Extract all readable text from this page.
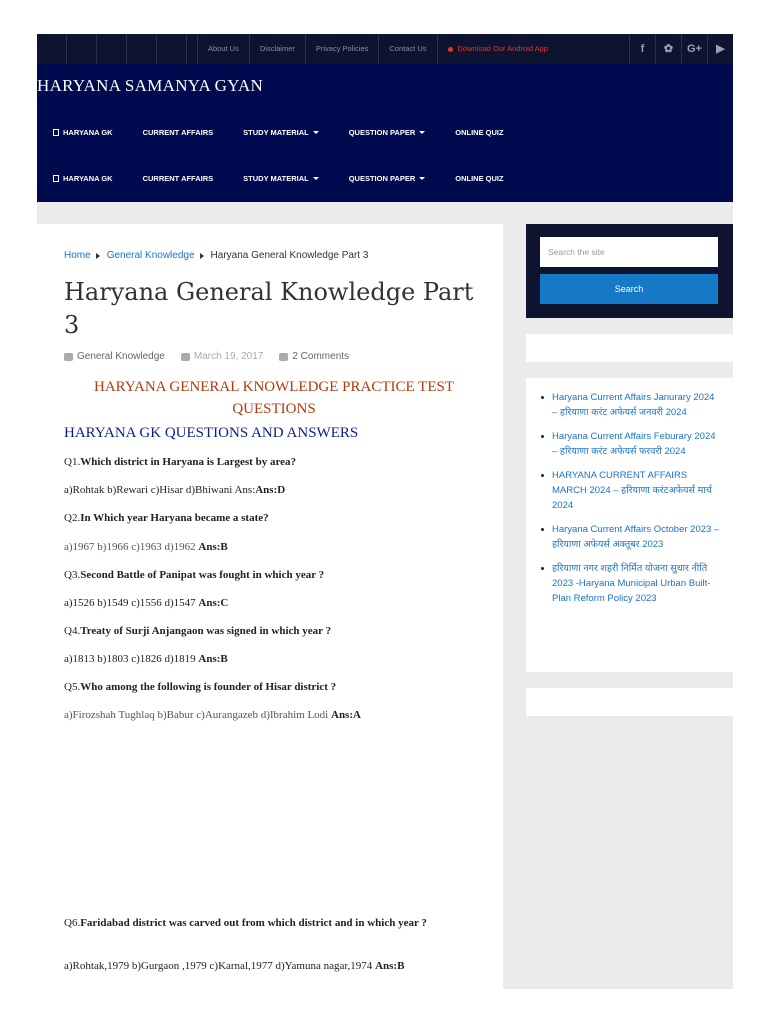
About Us	Disclaimer	Privacy Policies	Contact Us	Download Our Android App	f	✿	G+	▶
HARYANA SAMANYA GYAN
HARYANA GK	CURRENT AFFAIRS	STUDY MATERIAL	QUESTION PAPER	ONLINE QUIZ
HARYANA GK	CURRENT AFFAIRS	STUDY MATERIAL	QUESTION PAPER	ONLINE QUIZ
Home General Knowledge Haryana General Knowledge Part 3
Haryana General Knowledge Part 3
General Knowledge	March 19, 2017	2 Comments
HARYANA GENERAL KNOWLEDGE PRACTICE TEST QUESTIONS
HARYANA GK QUESTIONS AND ANSWERS
Q1.Which district in Haryana is Largest by area?
a)Rohtak b)Rewari c)Hisar d)Bhiwani Ans:Ans:D
Q2.In Which year Haryana became a state?
a)1967 b)1966 c)1963 d)1962 Ans:B
Q3.Second Battle of Panipat was fought in which year ?
a)1526 b)1549 c)1556 d)1547 Ans:C
Q4.Treaty of Surji Anjangaon was signed in which year ?
a)1813 b)1803 c)1826 d)1819 Ans:B
Q5.Who among the following is founder of Hisar district ?
a)Firozshah Tughlaq b)Babur c)Aurangazeb d)Ibrahim Lodi Ans:A
Q6.Faridabad district was carved out from which district and in which year ?
a)Rohtak,1979 b)Gurgaon ,1979 c)Karnal,1977 d)Yamuna nagar,1974 Ans:B
Search the site
Search
Haryana Current Affairs Janurary 2024 – हरियाणा करंट अफेयर्स जनवरी 2024
Haryana Current Affairs Feburary 2024 – हरियाणा करंट अफेयर्स फरवरी 2024
HARYANA CURRENT AFFAIRS MARCH 2024 – हरियाणा करंटअफेयर्स मार्च 2024
Haryana Current Affairs October 2023 – हरियाणा अफेयर्स अक्तूबर 2023
हरियाणा नगर शहरी निर्मित योजना सुधार नीति 2023 -Haryana Municipal Urban Built-Plan Reform Policy 2023
